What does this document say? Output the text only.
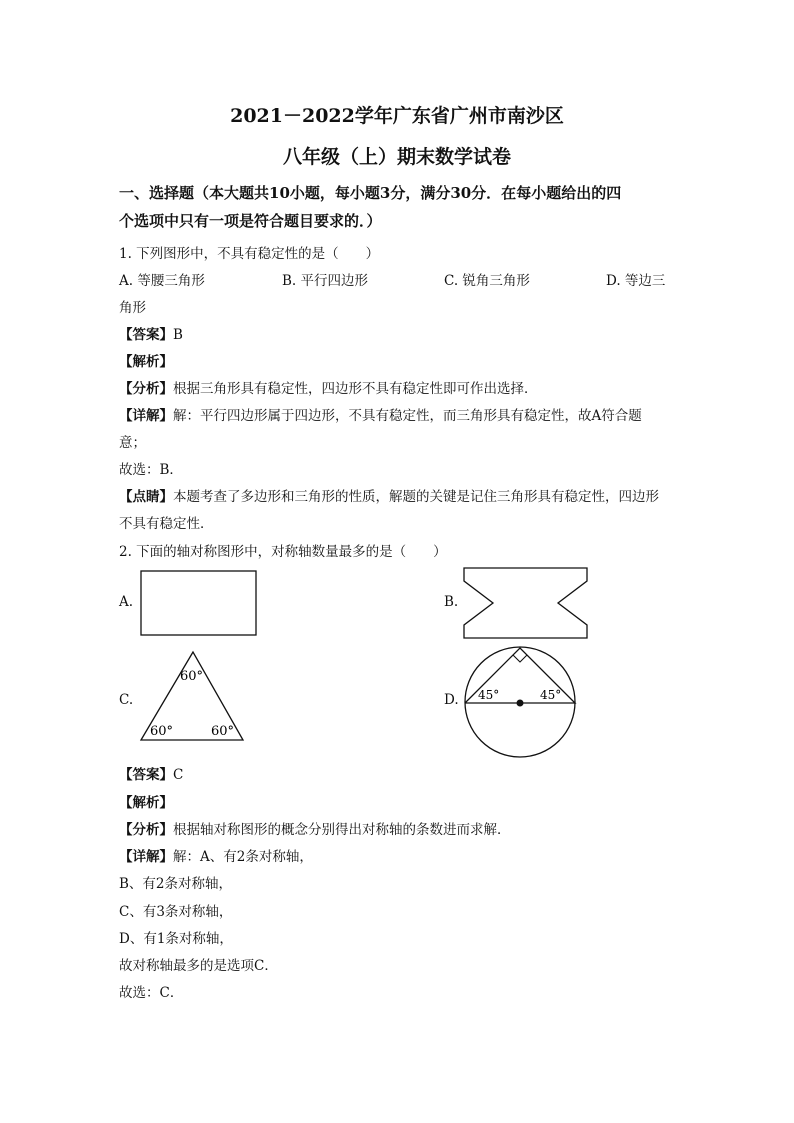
2021－2022学年广东省广州市南沙区
八年级（上）期末数学试卷
一、选择题（本大题共10小题，每小题3分，满分30分．在每小题给出的四
个选项中只有一项是符合题目要求的．）
1. 下列图形中，不具有稳定性的是（　　）
A. 等腰三角形	B. 平行四边形	C. 锐角三角形	D. 等边三
角形
【答案】B
【解析】
【分析】根据三角形具有稳定性，四边形不具有稳定性即可作出选择．
【详解】解：平行四边形属于四边形，不具有稳定性，而三角形具有稳定性，故A符合题
意；
故选：B．
【点睛】本题考查了多边形和三角形的性质，解题的关键是记住三角形具有稳定性，四边形
不具有稳定性．
2. 下面的轴对称图形中，对称轴数量最多的是（　　）
A.	B.
C.
60°
60°	60°
D. 45°	45°
【答案】C
【解析】
【分析】根据轴对称图形的概念分别得出对称轴的条数进而求解．
【详解】解：A、有2条对称轴，
B、有2条对称轴，
C、有3条对称轴，
D、有1条对称轴，
故对称轴最多的是选项C．
故选：C．
